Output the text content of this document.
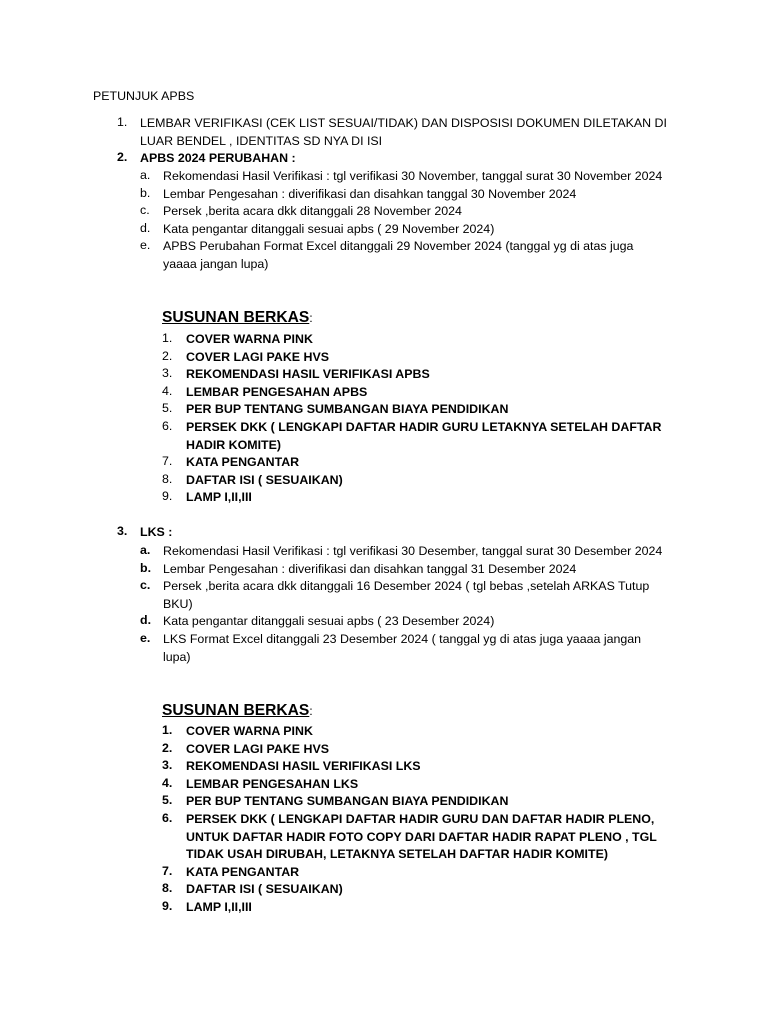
PETUNJUK APBS

1. LEMBAR VERIFIKASI (CEK LIST SESUAI/TIDAK) DAN DISPOSISI DOKUMEN DILETAKAN DI LUAR BENDEL , IDENTITAS SD NYA DI ISI
2. APBS 2024 PERUBAHAN :
a. Rekomendasi Hasil Verifikasi : tgl verifikasi 30 November, tanggal surat 30 November 2024
b. Lembar Pengesahan : diverifikasi dan disahkan tanggal 30 November 2024
c. Persek ,berita acara dkk ditanggali 28 November 2024
d. Kata pengantar ditanggali sesuai apbs ( 29 November 2024)
e. APBS Perubahan Format Excel ditanggali 29 November 2024 (tanggal yg di atas juga yaaaa jangan lupa)
SUSUNAN BERKAS:
1. COVER WARNA PINK
2. COVER LAGI PAKE HVS
3. REKOMENDASI HASIL VERIFIKASI APBS
4. LEMBAR PENGESAHAN APBS
5. PER BUP TENTANG SUMBANGAN BIAYA PENDIDIKAN
6. PERSEK DKK ( LENGKAPI DAFTAR HADIR GURU LETAKNYA SETELAH DAFTAR HADIR KOMITE)
7. KATA PENGANTAR
8. DAFTAR ISI ( SESUAIKAN)
9. LAMP I,II,III
3. LKS :
a. Rekomendasi Hasil Verifikasi : tgl verifikasi 30 Desember, tanggal surat 30 Desember 2024
b. Lembar Pengesahan : diverifikasi dan disahkan tanggal 31 Desember 2024
c. Persek ,berita acara dkk ditanggali 16 Desember 2024 ( tgl bebas ,setelah ARKAS Tutup BKU)
d. Kata pengantar ditanggali sesuai apbs ( 23 Desember 2024)
e. LKS Format Excel ditanggali 23 Desember 2024 ( tanggal yg di atas juga yaaaa jangan lupa)
SUSUNAN BERKAS:
1. COVER WARNA PINK
2. COVER LAGI PAKE HVS
3. REKOMENDASI HASIL VERIFIKASI LKS
4. LEMBAR PENGESAHAN LKS
5. PER BUP TENTANG SUMBANGAN BIAYA PENDIDIKAN
6. PERSEK DKK ( LENGKAPI DAFTAR HADIR GURU DAN DAFTAR HADIR PLENO, UNTUK DAFTAR HADIR FOTO COPY DARI DAFTAR HADIR RAPAT PLENO , TGL TIDAK USAH DIRUBAH, LETAKNYA SETELAH DAFTAR HADIR KOMITE)
7. KATA PENGANTAR
8. DAFTAR ISI ( SESUAIKAN)
9. LAMP I,II,III
